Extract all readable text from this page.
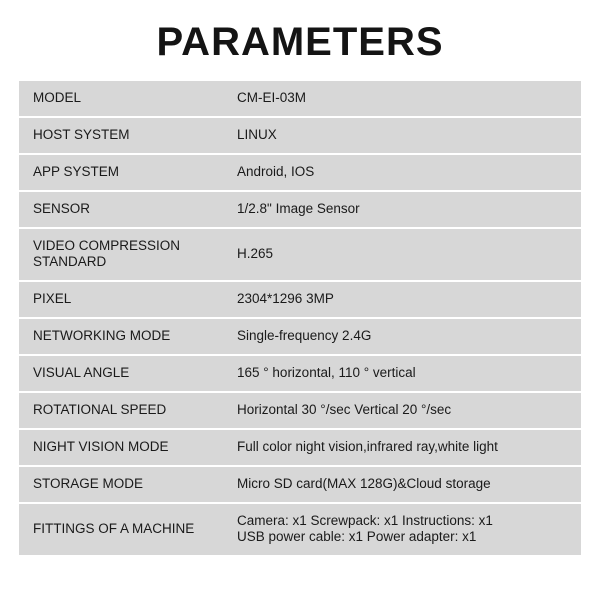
PARAMETERS
MODEL	CM-EI-03M
HOST SYSTEM	LINUX
APP SYSTEM	Android, IOS
SENSOR	1/2.8" Image Sensor
VIDEO COMPRESSION STANDARD	H.265
PIXEL	2304*1296 3MP
NETWORKING MODE	Single-frequency 2.4G
VISUAL ANGLE	165 ° horizontal, 110 ° vertical
ROTATIONAL SPEED	Horizontal 30 °/sec Vertical 20 °/sec
NIGHT VISION MODE	Full color night vision,infrared ray,white light
STORAGE MODE	Micro SD card(MAX 128G)&Cloud storage
FITTINGS OF A MACHINE	Camera: x1 Screwpack: x1 Instructions: x1
USB power cable: x1 Power adapter: x1
